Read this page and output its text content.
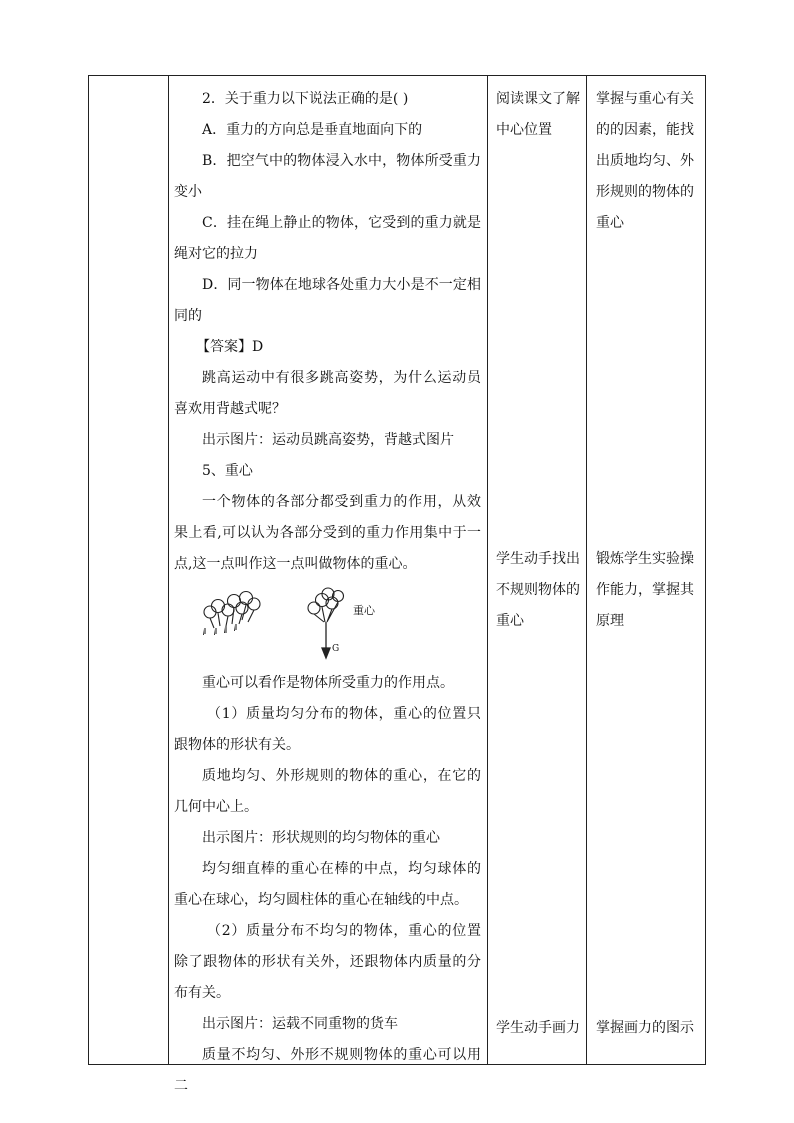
2．关于重力以下说法正确的是( )

A．重力的方向总是垂直地面向下的

B．把空气中的物体浸入水中，物体所受重力变小

C．挂在绳上静止的物体，它受到的重力就是绳对它的拉力

D．同一物体在地球各处重力大小是不一定相同的

【答案】D

跳高运动中有很多跳高姿势，为什么运动员喜欢用背越式呢？

出示图片：运动员跳高姿势，背越式图片

5、重心

一个物体的各部分都受到重力的作用，从效果上看,可以认为各部分受到的重力作用集中于一点,这一点叫作这一点叫做物体的重心。

重心
G

重心可以看作是物体所受重力的作用点。

（1）质量均匀分布的物体，重心的位置只跟物体的形状有关。

质地均匀、外形规则的物体的重心，在它的几何中心上。

出示图片：形状规则的均匀物体的重心

均匀细直棒的重心在棒的中点，均匀球体的重心在球心，均匀圆柱体的重心在轴线的中点。

（2）质量分布不均匀的物体，重心的位置除了跟物体的形状有关外，还跟物体内质量的分布有关。

出示图片：运载不同重物的货车

质量不均匀、外形不规则物体的重心可以用二

阅读课文了解中心位置

学生动手找出不规则物体的重心

学生动手画力

掌握与重心有关的的因素，能找出质地均匀、外形规则的物体的重心

锻炼学生实验操作能力，掌握其原理

掌握画力的图示
